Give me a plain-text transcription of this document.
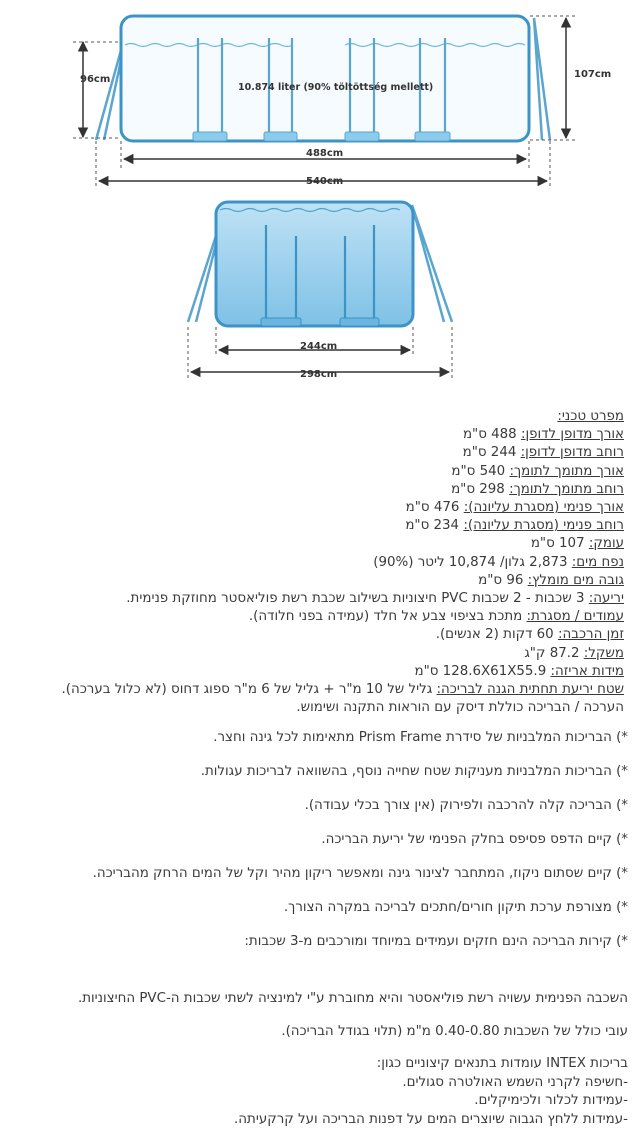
96cm	107cm
10.874 liter (90% töltöttség mellett)
488cm
540cm
244cm
298cm
מפרט טכני:
אורך מדופן לדופן: 488 ס"מ
רוחב מדופן לדופן: 244 ס"מ
אורך מתומך לתומך: 540 ס"מ
רוחב מתומך לתומך: 298 ס"מ
אורך פנימי (מסגרת עליונה): 476 ס"מ
רוחב פנימי (מסגרת עליונה): 234 ס"מ
עומק: 107 ס"מ
נפח מים: 2,873 גלון/ 10,874 ליטר (90%)
גובה מים מומלץ: 96 ס"מ
יריעה: 3 שכבות - 2 שכבות PVC חיצוניות בשילוב שכבת רשת פוליאסטר מחוזקת פנימית.
עמודים / מסגרת: מתכת בציפוי צבע אל חלד (עמידה בפני חלודה).
זמן הרכבה: 60 דקות (2 אנשים).
משקל: 87.2 ק"ג
מידות אריזה: 128.6X61X55.9 ס"מ
שטח יריעת תחתית הגנה לבריכה: גליל של 10 מ"ר + גליל של 6 מ"ר ספוג דחוס (לא כלול בערכה).
הערכה / הבריכה כוללת דיסק עם הוראות התקנה ושימוש.
*) הבריכות המלבניות של סידרת Prism Frame מתאימות לכל גינה וחצר.
*) הבריכות המלבניות מעניקות שטח שחייה נוסף, בהשוואה לבריכות עגולות.
*) הבריכה קלה להרכבה ולפירוק (אין צורך בכלי עבודה).
*) קיים הדפס פסיפס בחלק הפנימי של יריעת הבריכה.
*) קיים שסתום ניקוז, המתחבר לצינור גינה ומאפשר ריקון מהיר וקל של המים הרחק מהבריכה.
*) מצורפת ערכת תיקון חורים/חתכים לבריכה במקרה הצורך.
*) קירות הבריכה הינם חזקים ועמידים במיוחד ומורכבים מ-3 שכבות:
השכבה הפנימית עשויה רשת פוליאסטר והיא מחוברת ע"י למינציה לשתי שכבות ה-PVC החיצוניות.
עובי כולל של השכבות 0.40-0.80 מ"מ (תלוי בגודל הבריכה).
בריכות INTEX עומדות בתנאים קיצוניים כגון:
-חשיפה לקרני השמש האולטרה סגולים.
-עמידות לכלור ולכימיקלים.
-עמידות ללחץ הגבוה שיוצרים המים על דפנות הבריכה ועל קרקעיתה.
